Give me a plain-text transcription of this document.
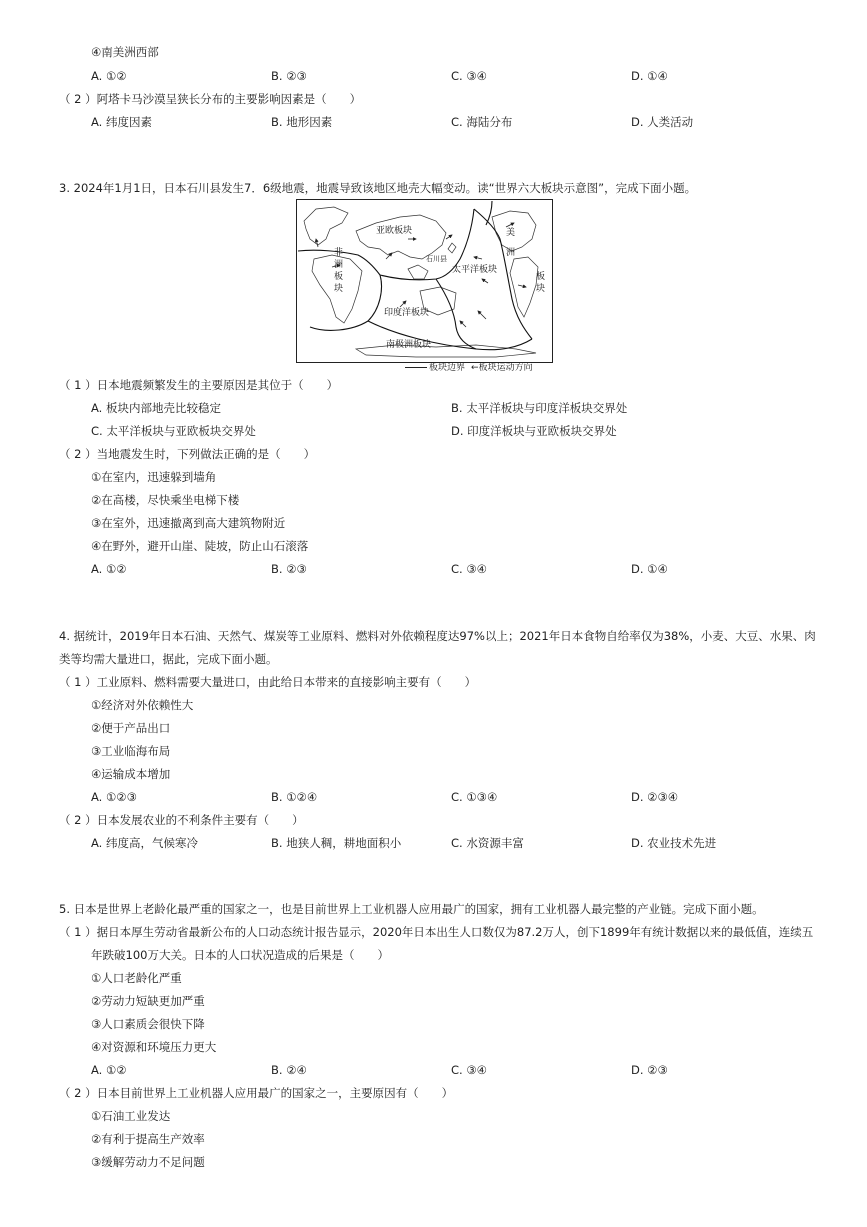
④南美洲西部
A. ①②	B. ②③	C. ③④	D. ①④
（ 2 ）阿塔卡马沙漠呈狭长分布的主要影响因素是（　　）
A. 纬度因素	B. 地形因素	C. 海陆分布	D. 人类活动
3. 2024年1月1日，日本石川县发生7．6级地震，地震导致该地区地壳大幅变动。读“世界六大板块示意图”，完成下面小题。
亚欧板块
太平洋板块
印度洋板块
南极洲板块
石川县
非
洲
板
块
美
洲
板
块
板块边界 ←板块运动方向
（ 1 ）日本地震频繁发生的主要原因是其位于（　　）
A. 板块内部地壳比较稳定	B. 太平洋板块与印度洋板块交界处
C. 太平洋板块与亚欧板块交界处	D. 印度洋板块与亚欧板块交界处
（ 2 ）当地震发生时，下列做法正确的是（　　）
①在室内，迅速躲到墙角
②在高楼，尽快乘坐电梯下楼
③在室外，迅速撤离到高大建筑物附近
④在野外，避开山崖、陡坡，防止山石滚落
A. ①②	B. ②③	C. ③④	D. ①④
4. 据统计，2019年日本石油、天然气、煤炭等工业原料、燃料对外依赖程度达97%以上；2021年日本食物自给率仅为38%，小麦、大豆、水果、肉
类等均需大量进口，据此，完成下面小题。
（ 1 ）工业原料、燃料需要大量进口，由此给日本带来的直接影响主要有（　　）
①经济对外依赖性大
②便于产品出口
③工业临海布局
④运输成本增加
A. ①②③	B. ①②④	C. ①③④	D. ②③④
（ 2 ）日本发展农业的不利条件主要有（　　）
A. 纬度高，气候寒冷	B. 地狭人稠，耕地面积小	C. 水资源丰富	D. 农业技术先进
5. 日本是世界上老龄化最严重的国家之一，也是目前世界上工业机器人应用最广的国家，拥有工业机器人最完整的产业链。完成下面小题。
（ 1 ）据日本厚生劳动省最新公布的人口动态统计报告显示，2020年日本出生人口数仅为87.2万人，创下1899年有统计数据以来的最低值，连续五
年跌破100万大关。日本的人口状况造成的后果是（　　）
①人口老龄化严重
②劳动力短缺更加严重
③人口素质会很快下降
④对资源和环境压力更大
A. ①②	B. ②④	C. ③④	D. ②③
（ 2 ）日本目前世界上工业机器人应用最广的国家之一，主要原因有（　　）
①石油工业发达
②有利于提高生产效率
③缓解劳动力不足问题
